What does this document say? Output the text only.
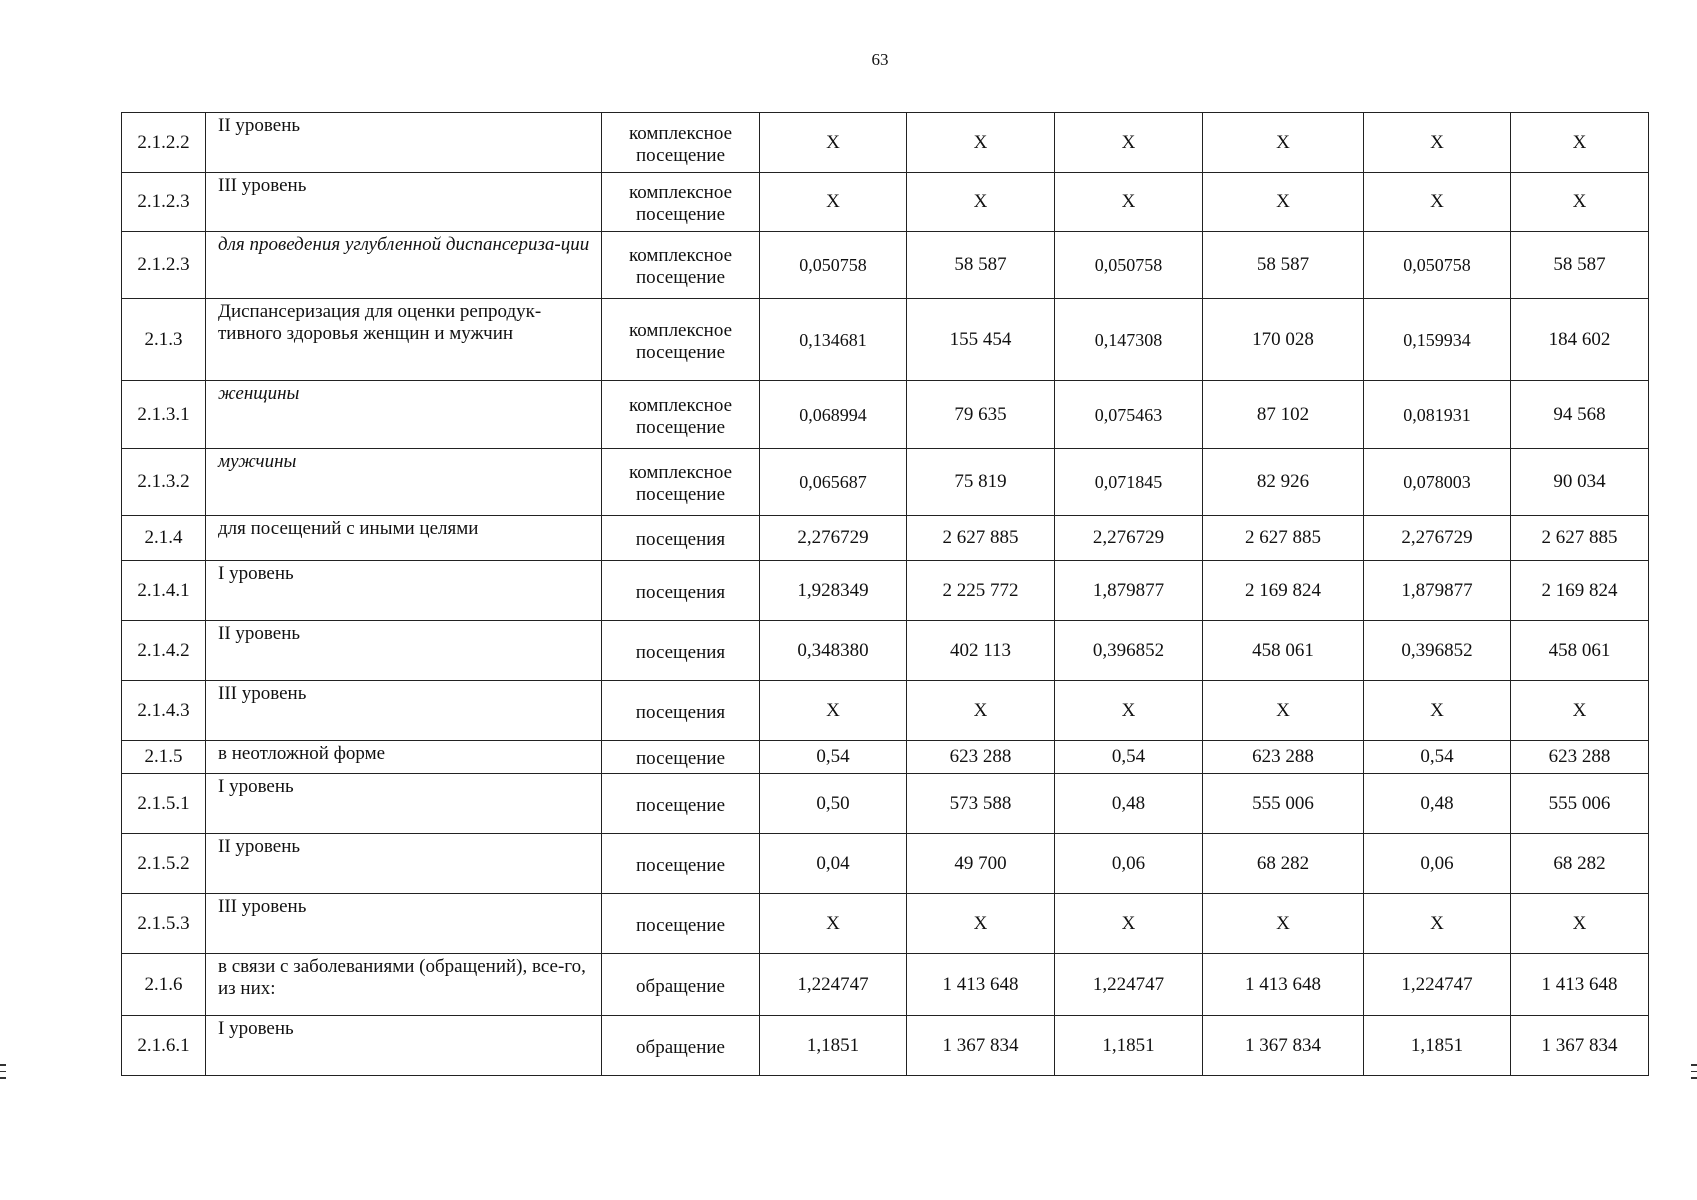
63
2.1.2.2	II уровень	комплексное посещение	Х	Х	Х	Х	Х	Х
2.1.2.3	III уровень	комплексное посещение	Х	Х	Х	Х	Х	Х
2.1.2.3	для проведения углубленной диспансериза-ции	комплексное посещение	0,050758	58 587	0,050758	58 587	0,050758	58 587
2.1.3	Диспансеризация для оценки репродук-тивного здоровья женщин и мужчин	комплексное посещение	0,134681	155 454	0,147308	170 028	0,159934	184 602
2.1.3.1	женщины	комплексное посещение	0,068994	79 635	0,075463	87 102	0,081931	94 568
2.1.3.2	мужчины	комплексное посещение	0,065687	75 819	0,071845	82 926	0,078003	90 034
2.1.4	для посещений с иными целями	посещения	2,276729	2 627 885	2,276729	2 627 885	2,276729	2 627 885
2.1.4.1	I уровень	посещения	1,928349	2 225 772	1,879877	2 169 824	1,879877	2 169 824
2.1.4.2	II уровень	посещения	0,348380	402 113	0,396852	458 061	0,396852	458 061
2.1.4.3	III уровень	посещения	Х	Х	Х	Х	Х	Х
2.1.5	в неотложной форме	посещение	0,54	623 288	0,54	623 288	0,54	623 288
2.1.5.1	I уровень	посещение	0,50	573 588	0,48	555 006	0,48	555 006
2.1.5.2	II уровень	посещение	0,04	49 700	0,06	68 282	0,06	68 282
2.1.5.3	III уровень	посещение	Х	Х	Х	Х	Х	Х
2.1.6	в связи с заболеваниями (обращений), все-го, из них:	обращение	1,224747	1 413 648	1,224747	1 413 648	1,224747	1 413 648
2.1.6.1	I уровень	обращение	1,1851	1 367 834	1,1851	1 367 834	1,1851	1 367 834
